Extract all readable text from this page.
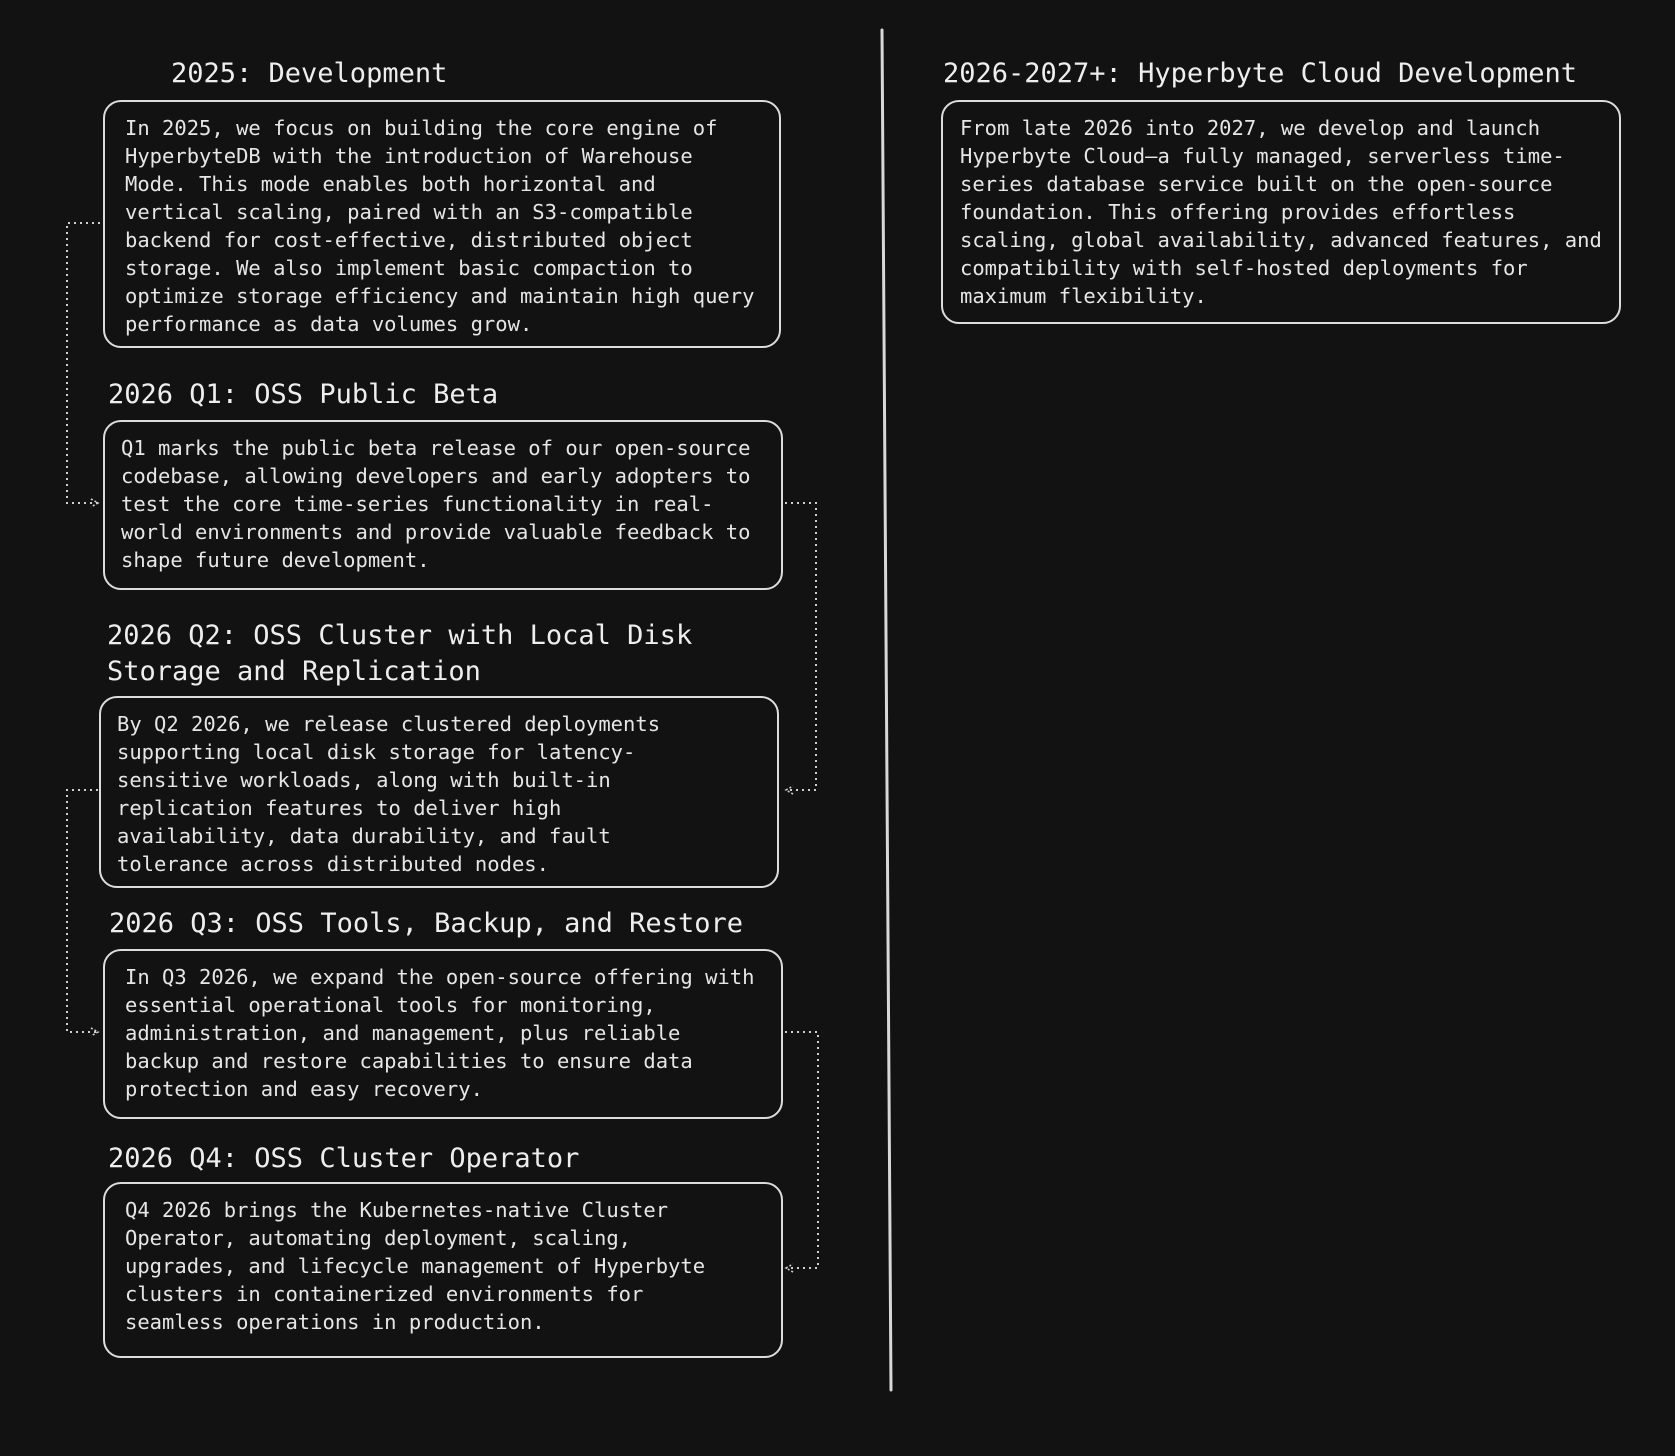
2025: Development

In 2025, we focus on building the core engine of HyperbyteDB with the introduction of Warehouse Mode. This mode enables both horizontal and vertical scaling, paired with an S3-compatible backend for cost-effective, distributed object storage. We also implement basic compaction to optimize storage efficiency and maintain high query performance as data volumes grow.

2026 Q1: OSS Public Beta

Q1 marks the public beta release of our open-source codebase, allowing developers and early adopters to test the core time-series functionality in real-world environments and provide valuable feedback to shape future development.

2026 Q2: OSS Cluster with Local Disk Storage and Replication

By Q2 2026, we release clustered deployments supporting local disk storage for latency-sensitive workloads, along with built-in replication features to deliver high availability, data durability, and fault tolerance across distributed nodes.

2026 Q3: OSS Tools, Backup, and Restore

In Q3 2026, we expand the open-source offering with essential operational tools for monitoring, administration, and management, plus reliable backup and restore capabilities to ensure data protection and easy recovery.

2026 Q4: OSS Cluster Operator

Q4 2026 brings the Kubernetes-native Cluster Operator, automating deployment, scaling, upgrades, and lifecycle management of Hyperbyte clusters in containerized environments for seamless operations in production.

2026-2027+: Hyperbyte Cloud Development

From late 2026 into 2027, we develop and launch Hyperbyte Cloud—a fully managed, serverless time-series database service built on the open-source foundation. This offering provides effortless scaling, global availability, advanced features, and compatibility with self-hosted deployments for maximum flexibility.
